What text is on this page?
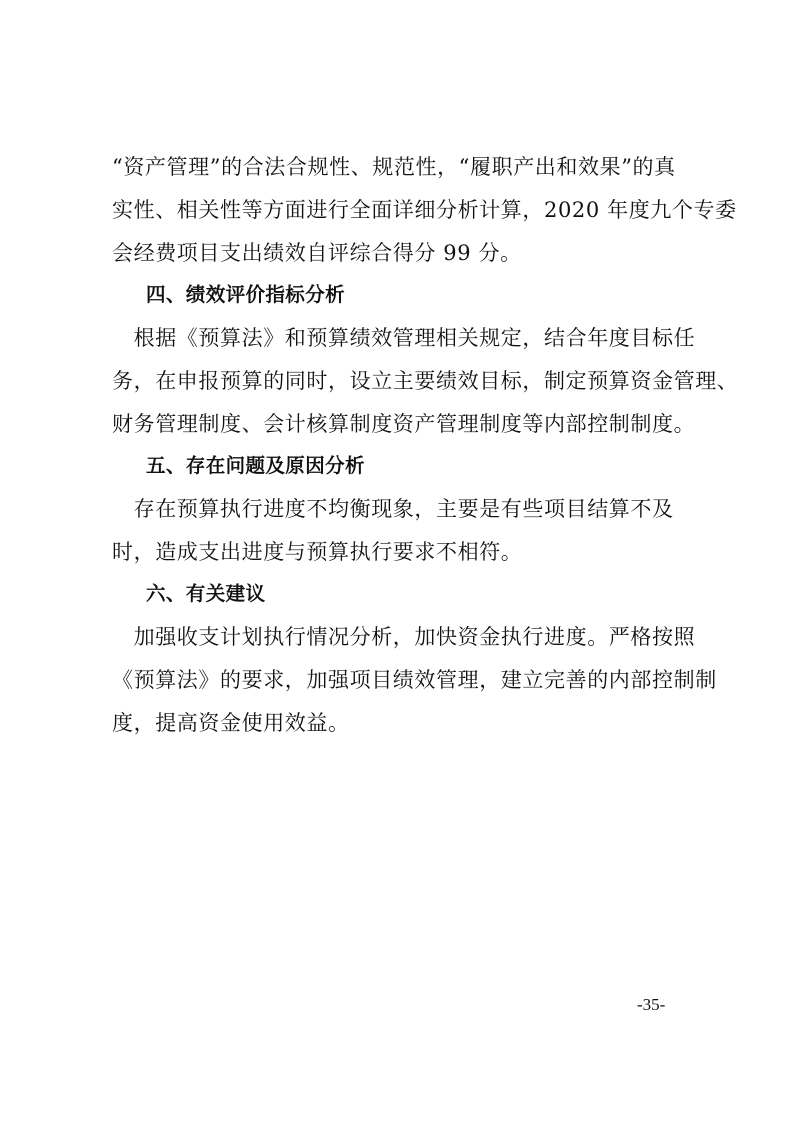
“资产管理”的合法合规性、规范性，“履职产出和效果”的真
实性、相关性等方面进行全面详细分析计算，2020 年度九个专委
会经费项目支出绩效自评综合得分 99 分。
四、绩效评价指标分析
　根据《预算法》和预算绩效管理相关规定，结合年度目标任
务，在申报预算的同时，设立主要绩效目标，制定预算资金管理、
财务管理制度、会计核算制度资产管理制度等内部控制制度。
五、存在问题及原因分析
　存在预算执行进度不均衡现象，主要是有些项目结算不及
时，造成支出进度与预算执行要求不相符。
六、有关建议
　加强收支计划执行情况分析，加快资金执行进度。严格按照
《预算法》的要求，加强项目绩效管理，建立完善的内部控制制
度，提高资金使用效益。
-35-
